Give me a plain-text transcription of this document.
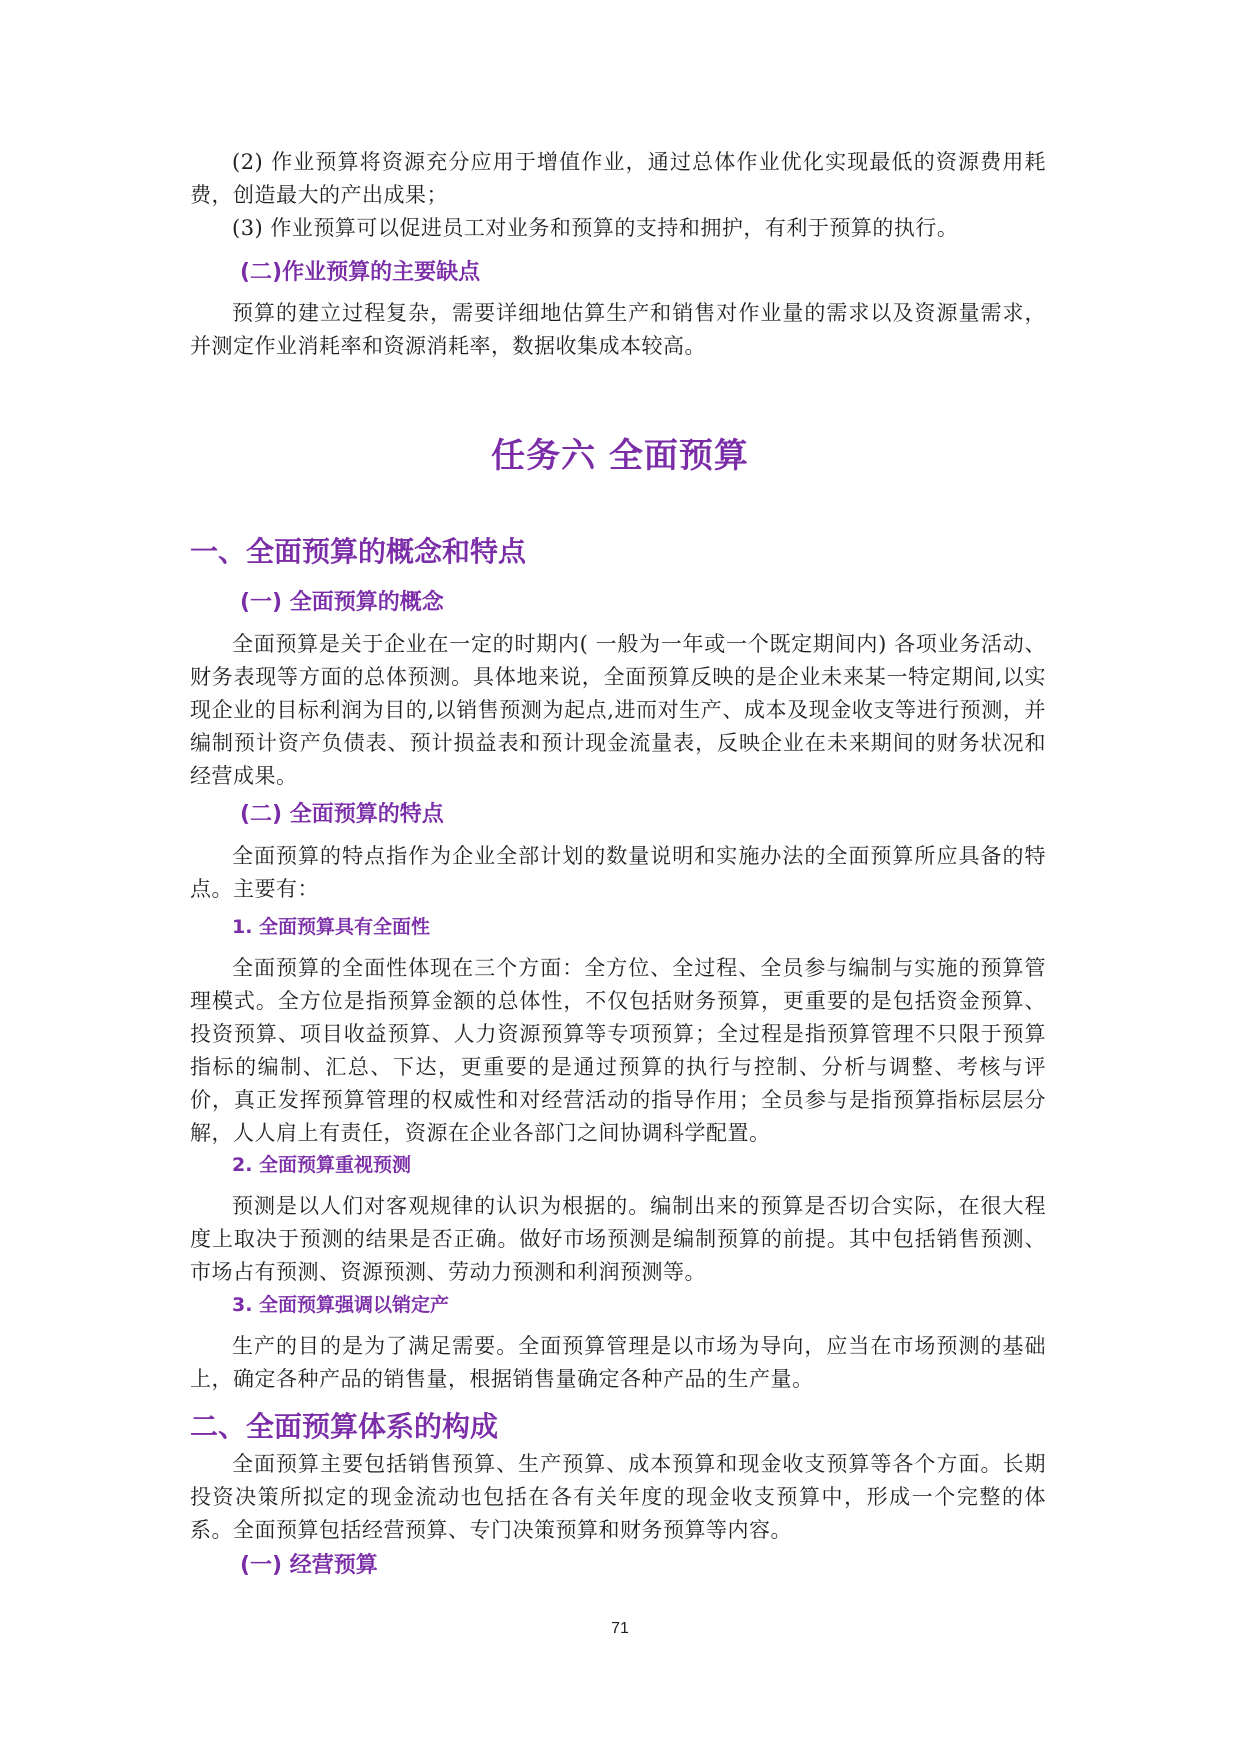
(2) 作业预算将资源充分应用于增值作业，通过总体作业优化实现最低的资源费用耗费，创造最大的产出成果；

(3) 作业预算可以促进员工对业务和预算的支持和拥护，有利于预算的执行。

(二)作业预算的主要缺点

预算的建立过程复杂，需要详细地估算生产和销售对作业量的需求以及资源量需求，并测定作业消耗率和资源消耗率，数据收集成本较高。

任务六 全面预算
一、全面预算的概念和特点
(一) 全面预算的概念

全面预算是关于企业在一定的时期内( 一般为一年或一个既定期间内) 各项业务活动、财务表现等方面的总体预测。具体地来说，全面预算反映的是企业未来某一特定期间,以实现企业的目标利润为目的,以销售预测为起点,进而对生产、成本及现金收支等进行预测，并编制预计资产负债表、预计损益表和预计现金流量表，反映企业在未来期间的财务状况和经营成果。

(二) 全面预算的特点

全面预算的特点指作为企业全部计划的数量说明和实施办法的全面预算所应具备的特点。主要有：

1. 全面预算具有全面性

全面预算的全面性体现在三个方面：全方位、全过程、全员参与编制与实施的预算管理模式。全方位是指预算金额的总体性，不仅包括财务预算，更重要的是包括资金预算、投资预算、项目收益预算、人力资源预算等专项预算；全过程是指预算管理不只限于预算指标的编制、汇总、下达，更重要的是通过预算的执行与控制、分析与调整、考核与评价，真正发挥预算管理的权威性和对经营活动的指导作用；全员参与是指预算指标层层分解，人人肩上有责任，资源在企业各部门之间协调科学配置。

2. 全面预算重视预测

预测是以人们对客观规律的认识为根据的。编制出来的预算是否切合实际，在很大程度上取决于预测的结果是否正确。做好市场预测是编制预算的前提。其中包括销售预测、市场占有预测、资源预测、劳动力预测和利润预测等。

3. 全面预算强调以销定产

生产的目的是为了满足需要。全面预算管理是以市场为导向，应当在市场预测的基础上，确定各种产品的销售量，根据销售量确定各种产品的生产量。

二、全面预算体系的构成

全面预算主要包括销售预算、生产预算、成本预算和现金收支预算等各个方面。长期投资决策所拟定的现金流动也包括在各有关年度的现金收支预算中，形成一个完整的体系。全面预算包括经营预算、专门决策预算和财务预算等内容。

(一) 经营预算
71
